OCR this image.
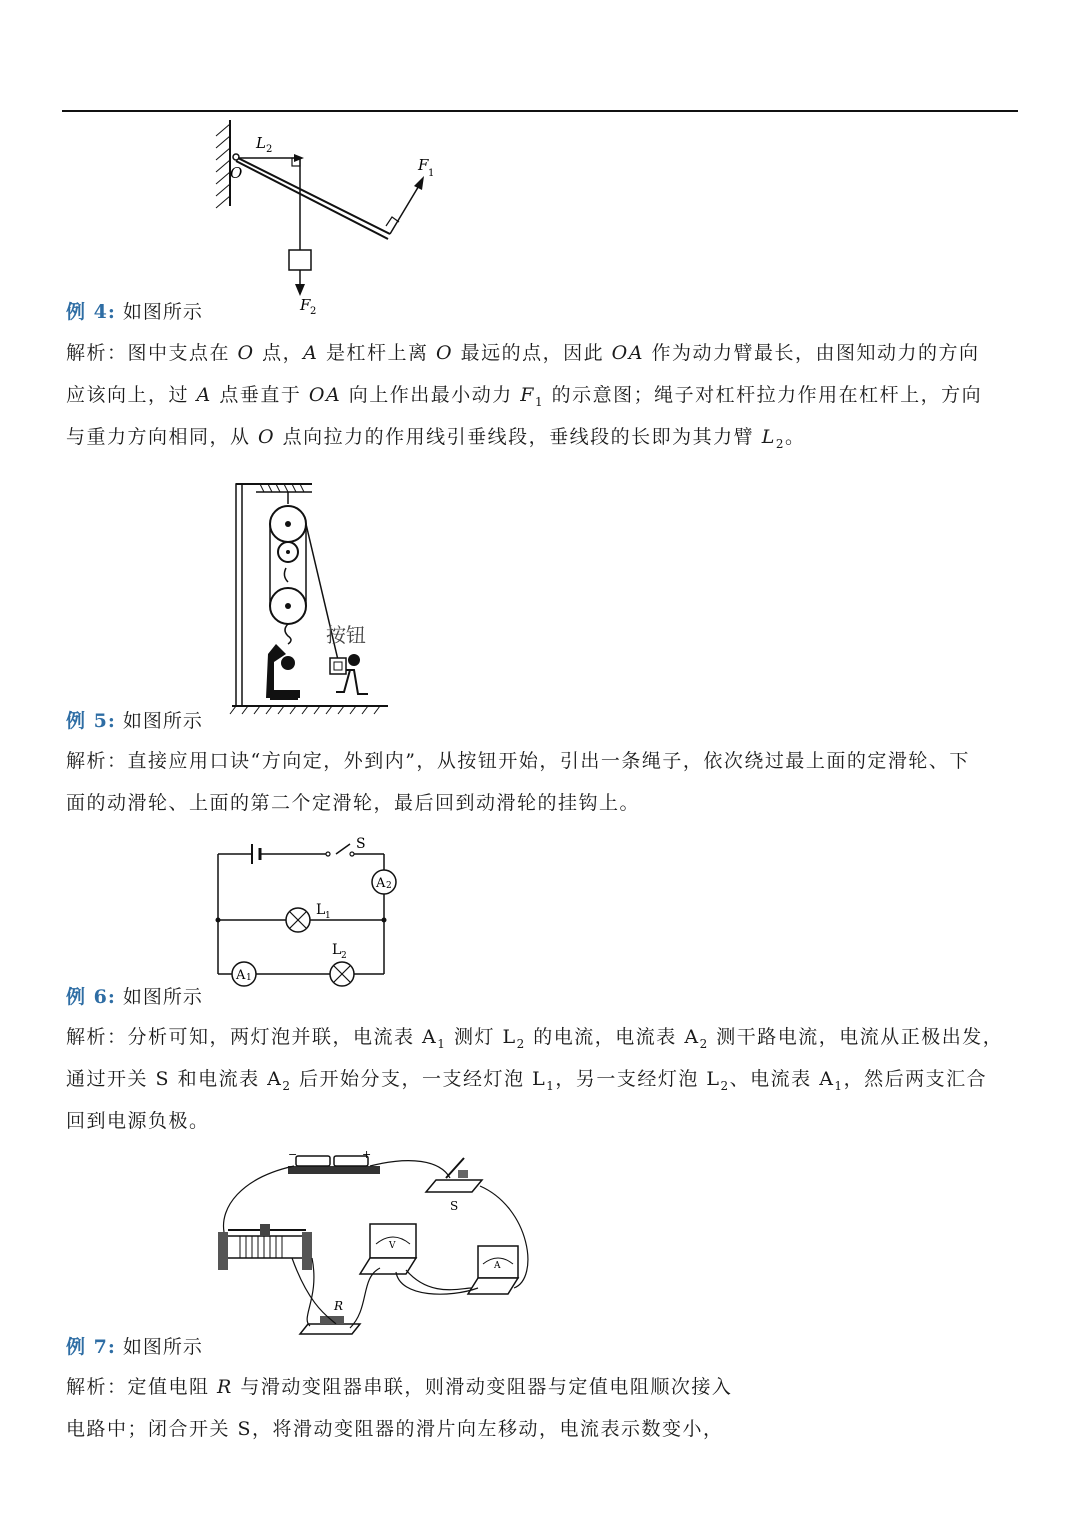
L 2
O	F 1
F 2
例 4: 如图所示
解析：图中支点在 O 点，A 是杠杆上离 O 最远的点，因此 OA 作为动力臂最长，由图知动力的方向
应该向上，过 A 点垂直于 OA 向上作出最小动力 $F_1$ 的示意图；绳子对杠杆拉力作用在杠杆上，方向
与重力方向相同，从 O 点向拉力的作用线引垂线段，垂线段的长即为其力臂 $L_2$。
按钮
例 5: 如图所示
解析：直接应用口诀“方向定，外到内”，从按钮开始，引出一条绳子，依次绕过最上面的定滑轮、下
面的动滑轮、上面的第二个定滑轮，最后回到动滑轮的挂钩上。
A 2
L 1
A 1
L 2
S
例 6: 如图所示
解析：分析可知，两灯泡并联，电流表 $A_1$ 测灯 $L_2$ 的电流，电流表 $A_2$ 测干路电流，电流从正极出发，
通过开关 S 和电流表 $A_2$ 后开始分支，一支经灯泡 $L_1$，另一支经灯泡 $L_2$、电流表 $A_1$，然后两支汇合
回到电源负极。
−	+
S
V
A
R
例 7: 如图所示
解析：定值电阻 R 与滑动变阻器串联，则滑动变阻器与定值电阻顺次接入
电路中；闭合开关 S，将滑动变阻器的滑片向左移动，电流表示数变小，
